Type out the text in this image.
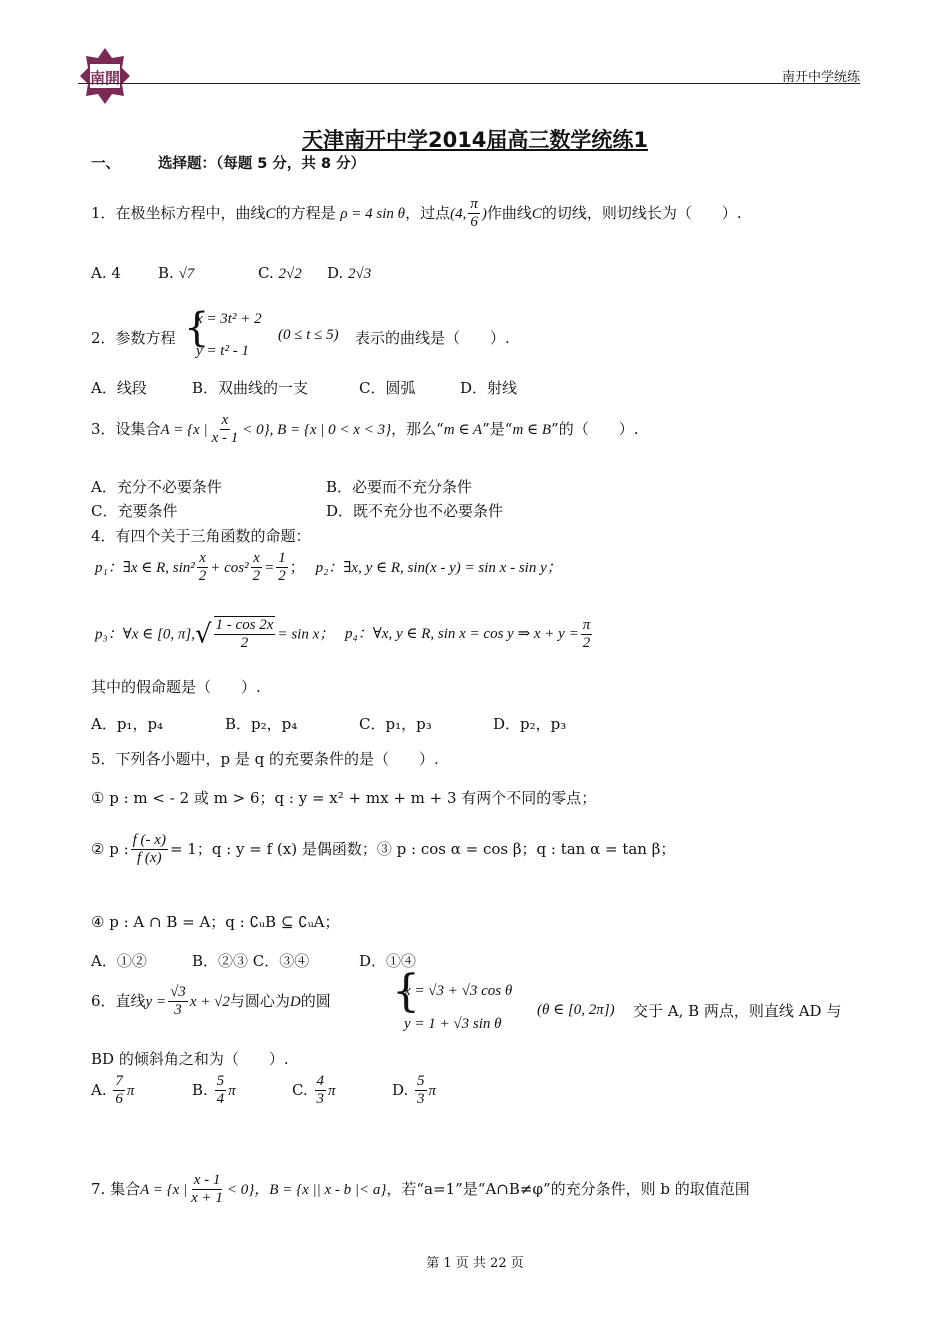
南開	南开中学统练
天津南开中学2014届高三数学统练1
一、	选择题：（每题 5 分，共 8 分）
1．在极坐标方程中，曲线C的方程是 ρ = 4 sin θ，过点(4, $\frac{\pi}{6}$ )作曲线C的切线，则切线长为（　　）.
A. 4 B. √7	C. 2√2 D. 2√3
2．参数方程 {
x = 3t² + 2
y = t² - 1
(0 ≤ t ≤ 5) 表示的曲线是（　　）.
A．线段	B．双曲线的一支	C．圆弧	D．射线
3．设集合A = {x | $\frac{x}{x - 1} < 0$}, B = {x | 0 < x < 3}，那么“m ∈ A”是“m ∈ B”的（　　）.
A．充分不必要条件	B．必要而不充分条件
C．充要条件	D．既不充分也不必要条件
4．有四个关于三角函数的命题：
p₁：∃x ∈ R, $\sin^2 \frac{x}{2} + \cos^2 \frac{x}{2} = \frac{1}{2}$ ； p₂：∃x, y ∈ R, sin(x - y) = sin x - sin y；
p₃：∀x ∈ [0, $\pi],√ \frac{1 - \cos 2x}{2} = \sin x$； p₄：∀x, y ∈ R, sin x = cos y ⇒ $x + y = \frac{\pi}{2}$
其中的假命题是（　　）.
A．p₁，p₄	B．p₂，p₄	C．p₁，p₃	D．p₂，p₃
5．下列各小题中，p 是 q 的充要条件的是（　　）.
① p : m < - 2 或 m > 6；q : y = x² + mx + m + 3 有两个不同的零点；
② p : $\frac{f (- x)}{f (x)} = 1$；q : y = f (x) 是偶函数；③ p : cos α = cos β；q : tan α = tan β；
④ p : A ∩ B = A；q : ∁ᵤB ⊆ ∁ᵤA；
A．①②	B．②③ C．③④	D．①④
6．直线$y = \frac{√3}{3}$ x + √2与圆心为D的圆 {
x = √3 + √3 cos θ
y = 1 + √3 sin θ
(θ ∈ [0, 2π]) 交于 A, B 两点，则直线 AD 与
BD 的倾斜角之和为（　　）.
A. $\frac{7}{6}$ π	B. $\frac{5}{4}$ π	C. $\frac{4}{3}$ π	D. $\frac{5}{3}$ π
7. 集合A = {x | $\frac{x - 1}{x + 1} < 0$}，B = {x || x - b |< a}，若“a=1”是“A∩B≠φ”的充分条件，则 b 的取值范围
第 1 页 共 22 页
